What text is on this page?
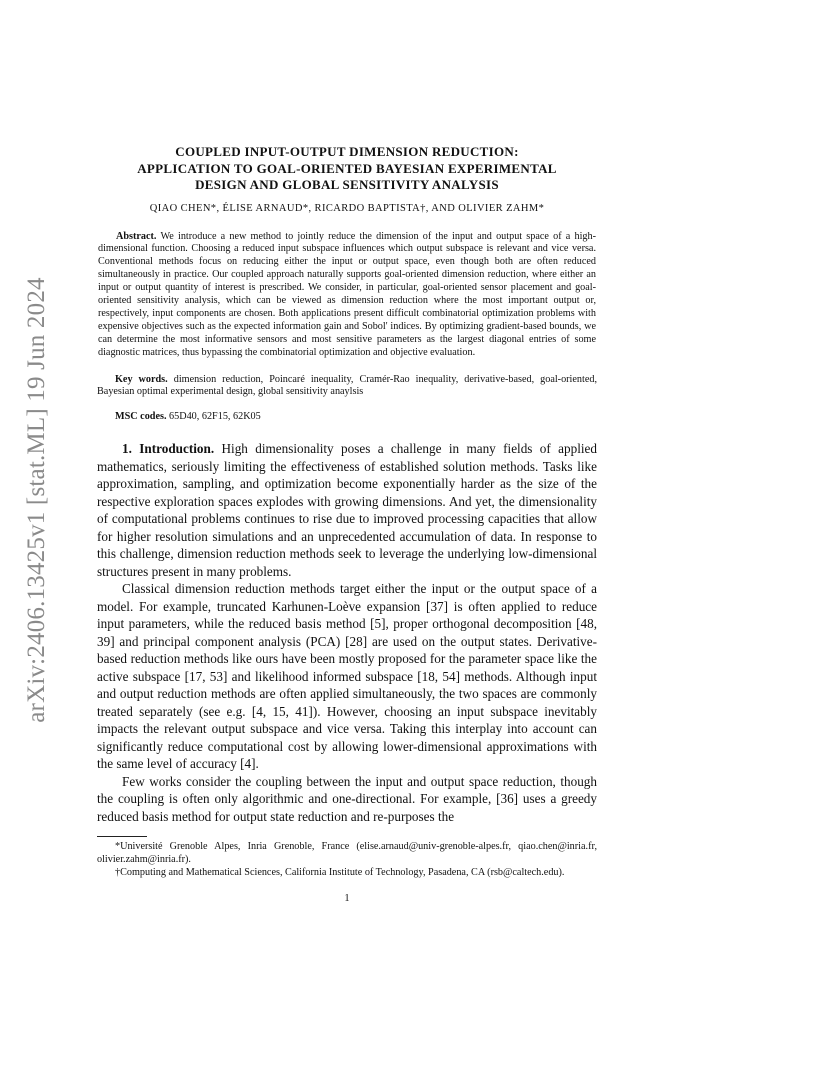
arXiv:2406.13425v1 [stat.ML] 19 Jun 2024
COUPLED INPUT-OUTPUT DIMENSION REDUCTION:
APPLICATION TO GOAL-ORIENTED BAYESIAN EXPERIMENTAL
DESIGN AND GLOBAL SENSITIVITY ANALYSIS
QIAO CHEN*, ÉLISE ARNAUD*, RICARDO BAPTISTA†, AND OLIVIER ZAHM*

Abstract. We introduce a new method to jointly reduce the dimension of the input and output space of a high-dimensional function. Choosing a reduced input subspace influences which output subspace is relevant and vice versa. Conventional methods focus on reducing either the input or output space, even though both are often reduced simultaneously in practice. Our coupled approach naturally supports goal-oriented dimension reduction, where either an input or output quantity of interest is prescribed. We consider, in particular, goal-oriented sensor placement and goal-oriented sensitivity analysis, which can be viewed as dimension reduction where the most important output or, respectively, input components are chosen. Both applications present difficult combinatorial optimization problems with expensive objectives such as the expected information gain and Sobol' indices. By optimizing gradient-based bounds, we can determine the most informative sensors and most sensitive parameters as the largest diagonal entries of some diagnostic matrices, thus bypassing the combinatorial optimization and objective evaluation.

Key words. dimension reduction, Poincaré inequality, Cramér-Rao inequality, derivative-based, goal-oriented, Bayesian optimal experimental design, global sensitivity anaylsis

MSC codes. 65D40, 62F15, 62K05

1. Introduction. High dimensionality poses a challenge in many fields of applied mathematics, seriously limiting the effectiveness of established solution methods. Tasks like approximation, sampling, and optimization become exponentially harder as the size of the respective exploration spaces explodes with growing dimensions. And yet, the dimensionality of computational problems continues to rise due to improved processing capacities that allow for higher resolution simulations and an unprecedented accumulation of data. In response to this challenge, dimension reduction methods seek to leverage the underlying low-dimensional structures present in many problems.

Classical dimension reduction methods target either the input or the output space of a model. For example, truncated Karhunen-Loève expansion [37] is often applied to reduce input parameters, while the reduced basis method [5], proper orthogonal decomposition [48, 39] and principal component analysis (PCA) [28] are used on the output states. Derivative-based reduction methods like ours have been mostly proposed for the parameter space like the active subspace [17, 53] and likelihood informed subspace [18, 54] methods. Although input and output reduction methods are often applied simultaneously, the two spaces are commonly treated separately (see e.g. [4, 15, 41]). However, choosing an input subspace inevitably impacts the relevant output subspace and vice versa. Taking this interplay into account can significantly reduce computational cost by allowing lower-dimensional approximations with the same level of accuracy [4].

Few works consider the coupling between the input and output space reduction, though the coupling is often only algorithmic and one-directional. For example, [36] uses a greedy reduced basis method for output state reduction and re-purposes the

*Université Grenoble Alpes, Inria Grenoble, France (elise.arnaud@univ-grenoble-alpes.fr, qiao.chen@inria.fr, olivier.zahm@inria.fr).

†Computing and Mathematical Sciences, California Institute of Technology, Pasadena, CA (rsb@caltech.edu).

1
